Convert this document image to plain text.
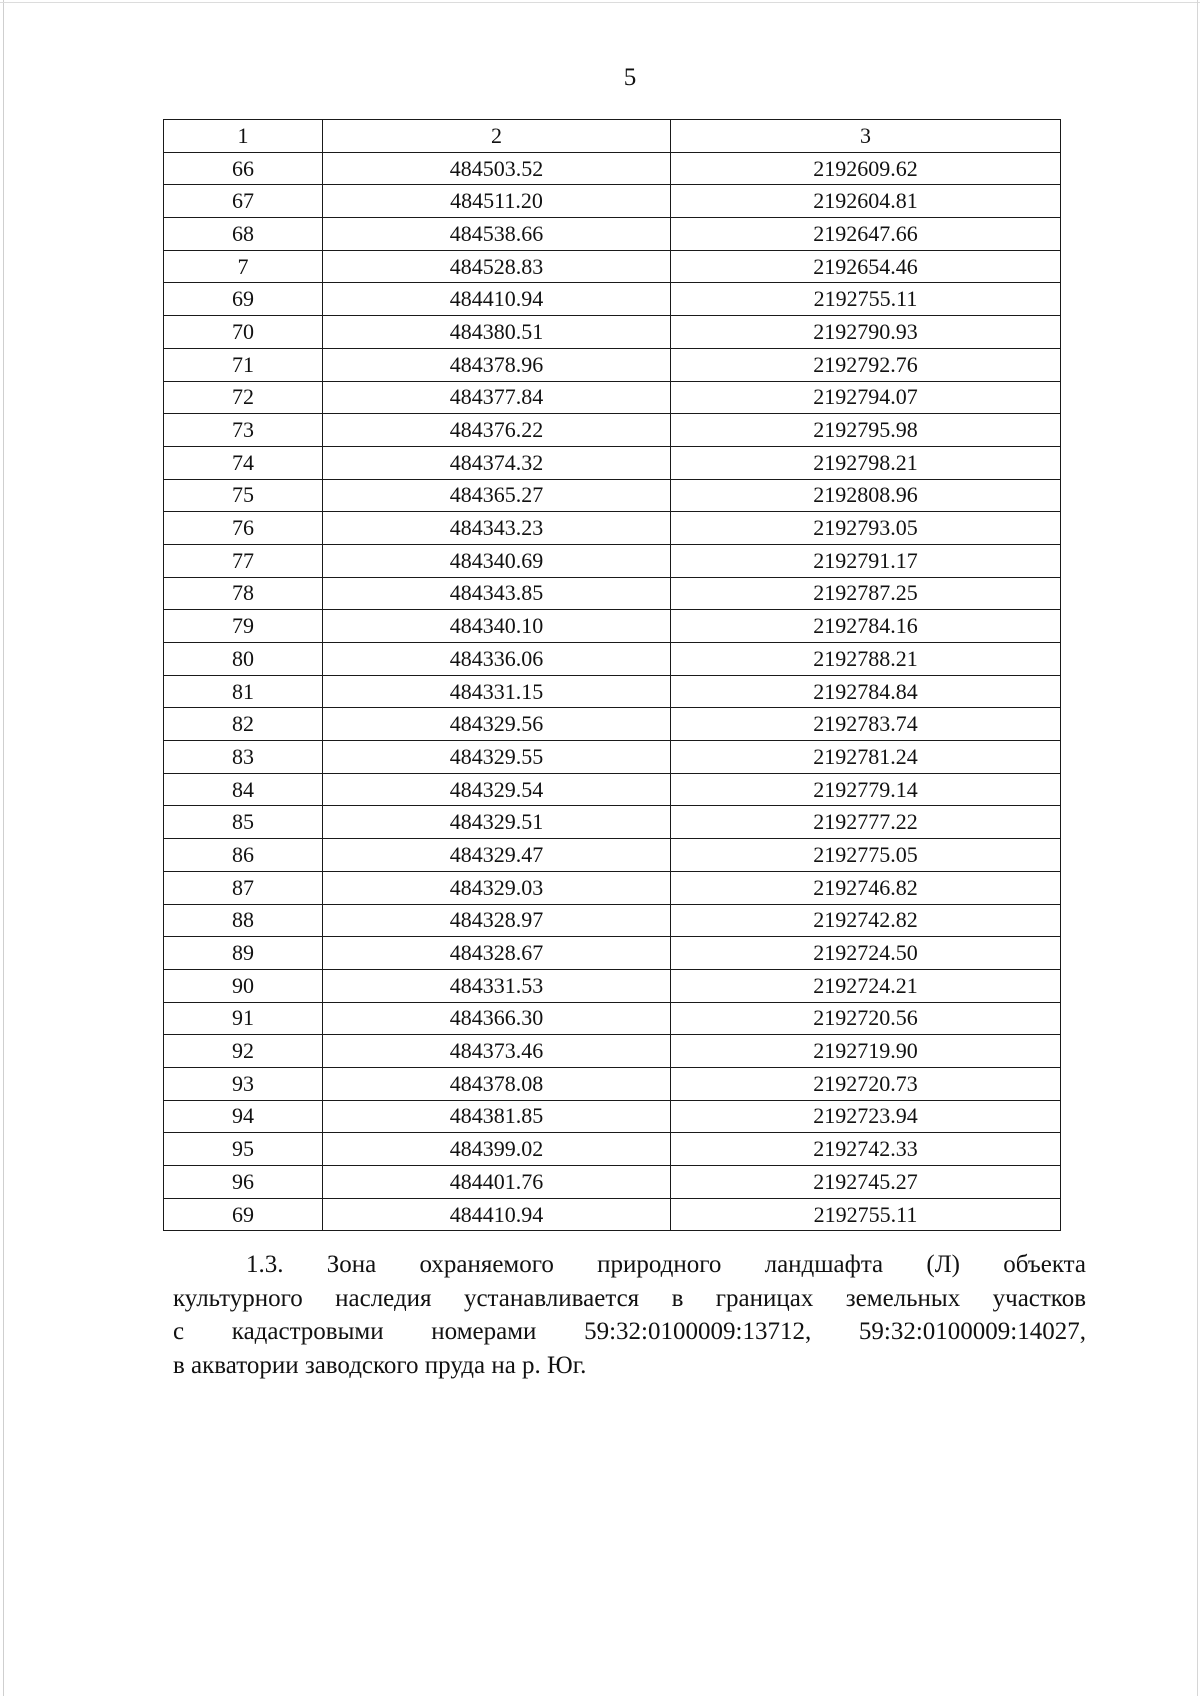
5
1	2	3
66	484503.52	2192609.62
67	484511.20	2192604.81
68	484538.66	2192647.66
7	484528.83	2192654.46
69	484410.94	2192755.11
70	484380.51	2192790.93
71	484378.96	2192792.76
72	484377.84	2192794.07
73	484376.22	2192795.98
74	484374.32	2192798.21
75	484365.27	2192808.96
76	484343.23	2192793.05
77	484340.69	2192791.17
78	484343.85	2192787.25
79	484340.10	2192784.16
80	484336.06	2192788.21
81	484331.15	2192784.84
82	484329.56	2192783.74
83	484329.55	2192781.24
84	484329.54	2192779.14
85	484329.51	2192777.22
86	484329.47	2192775.05
87	484329.03	2192746.82
88	484328.97	2192742.82
89	484328.67	2192724.50
90	484331.53	2192724.21
91	484366.30	2192720.56
92	484373.46	2192719.90
93	484378.08	2192720.73
94	484381.85	2192723.94
95	484399.02	2192742.33
96	484401.76	2192745.27
69	484410.94	2192755.11
1.3. Зона охраняемого природного ландшафта (Л) объекта
культурного наследия устанавливается в границах земельных участков
с кадастровыми номерами 59:32:0100009:13712, 59:32:0100009:14027,
в акватории заводского пруда на р. Юг.
